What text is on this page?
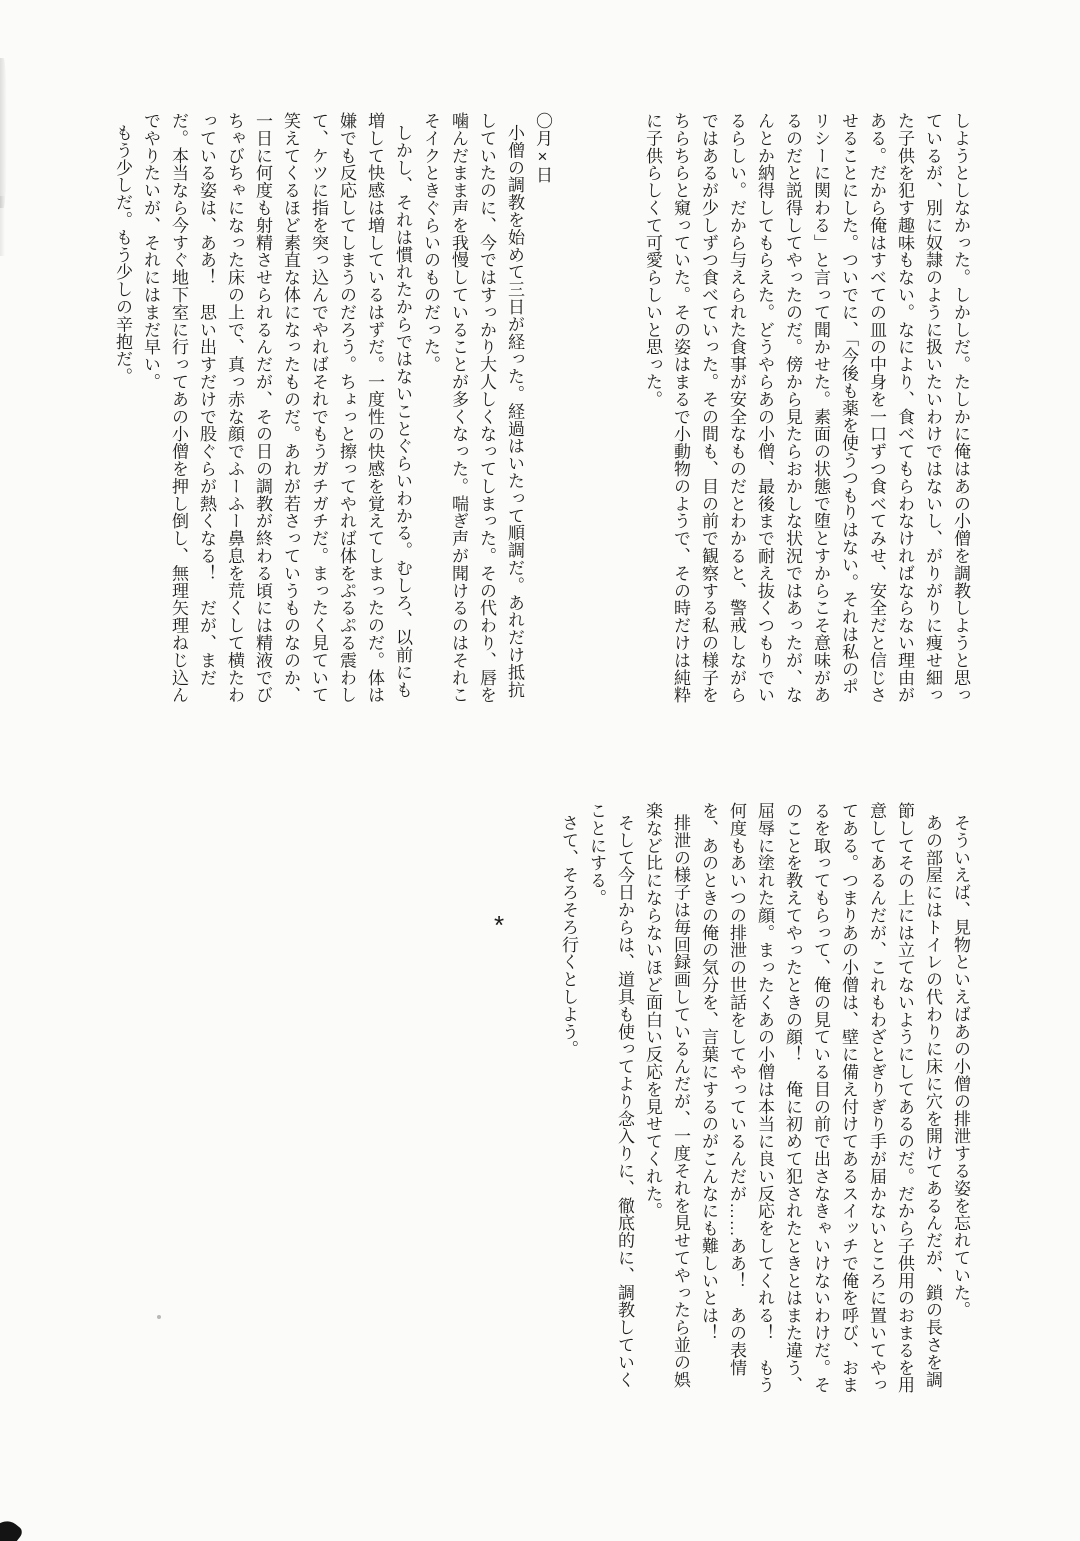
しようとしなかった。しかしだ。たしかに俺はあの小僧を調教しようと思っているが、別に奴隷のように扱いたいわけではないし、がりがりに痩せ細った子供を犯す趣味もない。なにより、食べてもらわなければならない理由がある。だから俺はすべての皿の中身を一口ずつ食べてみせ、安全だと信じさせることにした。ついでに、「今後も薬を使うつもりはない。それは私のポリシーに関わる」と言って聞かせた。素面の状態で堕とすからこそ意味があるのだと説得してやったのだ。傍から見たらおかしな状況ではあったが、なんとか納得してもらえた。どうやらあの小僧、最後まで耐え抜くつもりでいるらしい。だから与えられた食事が安全なものだとわかると、警戒しながらではあるが少しずつ食べていった。その間も、目の前で観察する私の様子をちらちらと窺っていた。その姿はまるで小動物のようで、その時だけは純粋に子供らしくて可愛らしいと思った。

〇月×日

小僧の調教を始めて三日が経った。経過はいたって順調だ。あれだけ抵抗していたのに、今ではすっかり大人しくなってしまった。その代わり、唇を噛んだまま声を我慢していることが多くなった。喘ぎ声が聞けるのはそれこそイクときぐらいのものだった。

しかし、それは慣れたからではないことぐらいわかる。むしろ、以前にも増して快感は増しているはずだ。一度性の快感を覚えてしまったのだ。体は嫌でも反応してしまうのだろう。ちょっと擦ってやれば体をぷるぷる震わして、ケツに指を突っ込んでやればそれでもうガチガチだ。まったく見ていて笑えてくるほど素直な体になったものだ。あれが若さっていうものなのか、一日に何度も射精させられるんだが、その日の調教が終わる頃には精液でびちゃびちゃになった床の上で、真っ赤な顔でふーふー鼻息を荒くして横たわっている姿は、ああ！　思い出すだけで股ぐらが熱くなる！　だが、まだだ。本当なら今すぐ地下室に行ってあの小僧を押し倒し、無理矢理ねじ込んでやりたいが、それにはまだ早い。

もう少しだ。もう少しの辛抱だ。

そういえば、見物といえばあの小僧の排泄する姿を忘れていた。

あの部屋にはトイレの代わりに床に穴を開けてあるんだが、鎖の長さを調節してその上には立てないようにしてあるのだ。だから子供用のおまるを用意してあるんだが、これもわざとぎりぎり手が届かないところに置いてやってある。つまりあの小僧は、壁に備え付けてあるスイッチで俺を呼び、おまるを取ってもらって、俺の見ている目の前で出さなきゃいけないわけだ。そのことを教えてやったときの顔！　俺に初めて犯されたときとはまた違う、屈辱に塗れた顔。まったくあの小僧は本当に良い反応をしてくれる！　もう何度もあいつの排泄の世話をしてやっているんだが……ああ！　あの表情を、あのときの俺の気分を、言葉にするのがこんなにも難しいとは！

排泄の様子は毎回録画しているんだが、一度それを見せてやったら並の娯楽など比にならないほど面白い反応を見せてくれた。

そして今日からは、道具も使ってより念入りに、徹底的に、調教していくことにする。

さて、そろそろ行くとしよう。

*
